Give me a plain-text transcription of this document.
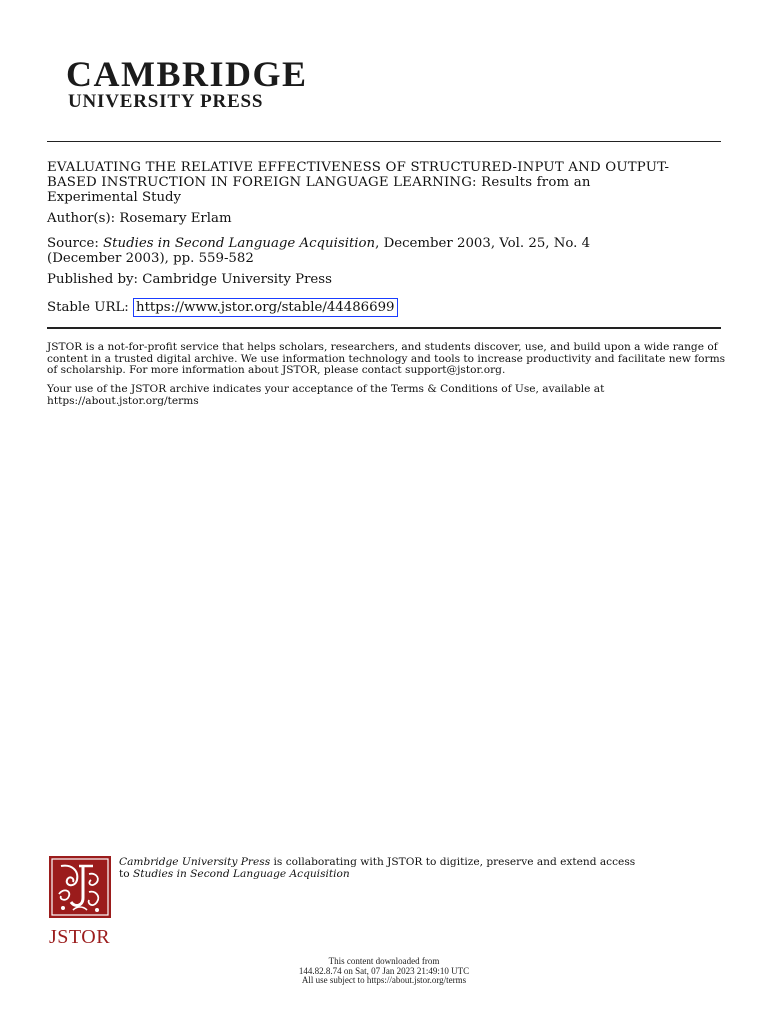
CAMBRIDGE
UNIVERSITY PRESS
EVALUATING THE RELATIVE EFFECTIVENESS OF STRUCTURED-INPUT AND OUTPUT-
BASED INSTRUCTION IN FOREIGN LANGUAGE LEARNING: Results from an
Experimental Study
Author(s): Rosemary Erlam
Source: Studies in Second Language Acquisition, December 2003, Vol. 25, No. 4
(December 2003), pp. 559-582
Published by: Cambridge University Press
Stable URL: https://www.jstor.org/stable/44486699
JSTOR is a not-for-profit service that helps scholars, researchers, and students discover, use, and build upon a wide range of content in a trusted digital archive. We use information technology and tools to increase productivity and facilitate new forms of scholarship. For more information about JSTOR, please contact support@jstor.org.
Your use of the JSTOR archive indicates your acceptance of the Terms & Conditions of Use, available at
https://about.jstor.org/terms
JSTOR
Cambridge University Press is collaborating with JSTOR to digitize, preserve and extend access
to Studies in Second Language Acquisition
This content downloaded from
144.82.8.74 on Sat, 07 Jan 2023 21:49:10 UTC
All use subject to https://about.jstor.org/terms
